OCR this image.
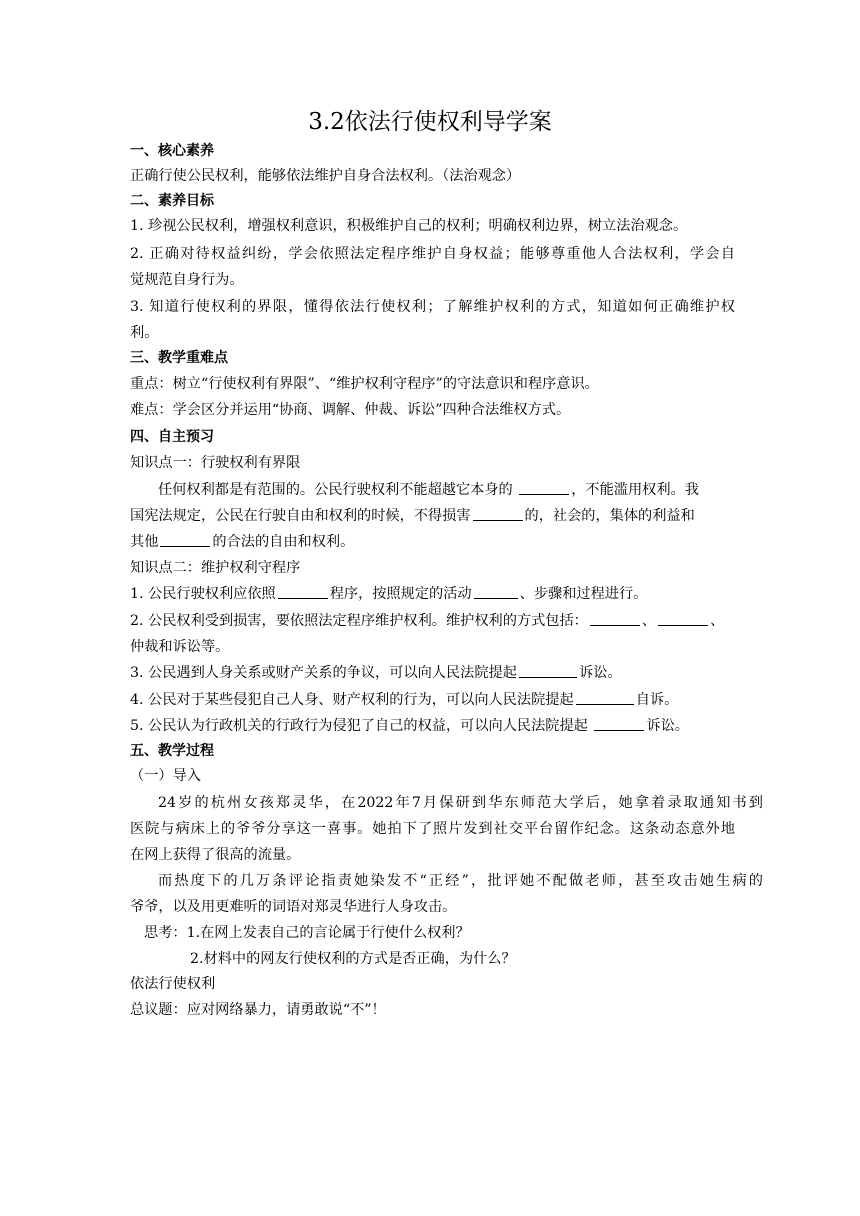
3.2依法行使权利导学案
一、核心素养
正确行使公民权利，能够依法维护自身合法权利。（法治观念）
二、素养目标
1. 珍视公民权利，增强权利意识，积极维护自己的权利；明确权利边界，树立法治观念。
2. 正确对待权益纠纷，学会依照法定程序维护自身权益；能够尊重他人合法权利，学会自
觉规范自身行为。
3. 知道行使权利的界限，懂得依法行使权利；了解维护权利的方式，知道如何正确维护权
利。
三、教学重难点
重点：树立“行使权利有界限”、“维护权利守程序”的守法意识和程序意识。
难点：学会区分并运用“协商、调解、仲裁、诉讼”四种合法维权方式。
四、自主预习
知识点一：行驶权利有界限
任何权利都是有范围的。公民行驶权利不能超越它本身的	，不能滥用权利。我
国宪法规定，公民在行驶自由和权利的时候，不得损害	的，社会的，集体的利益和
其他	的合法的自由和权利。
知识点二：维护权利守程序
1. 公民行驶权利应依照	程序，按照规定的活动	、步骤和过程进行。
2. 公民权利受到损害，要依照法定程序维护权利。维护权利的方式包括：	、	、
仲裁和诉讼等。
3. 公民遇到人身关系或财产关系的争议，可以向人民法院提起	诉讼。
4. 公民对于某些侵犯自己人身、财产权利的行为，可以向人民法院提起	自诉。
5. 公民认为行政机关的行政行为侵犯了自己的权益，可以向人民法院提起	诉讼。
五、教学过程
（一）导入
24岁的杭州女孩郑灵华，在2022年7月保研到华东师范大学后，她拿着录取通知书到
医院与病床上的爷爷分享这一喜事。她拍下了照片发到社交平台留作纪念。这条动态意外地
在网上获得了很高的流量。
而热度下的几万条评论指责她染发不“正经”，批评她不配做老师，甚至攻击她生病的
爷爷，以及用更难听的词语对郑灵华进行人身攻击。
思考：1.在网上发表自己的言论属于行使什么权利？
2.材料中的网友行使权利的方式是否正确，为什么？
依法行使权利
总议题：应对网络暴力，请勇敢说“不”！
